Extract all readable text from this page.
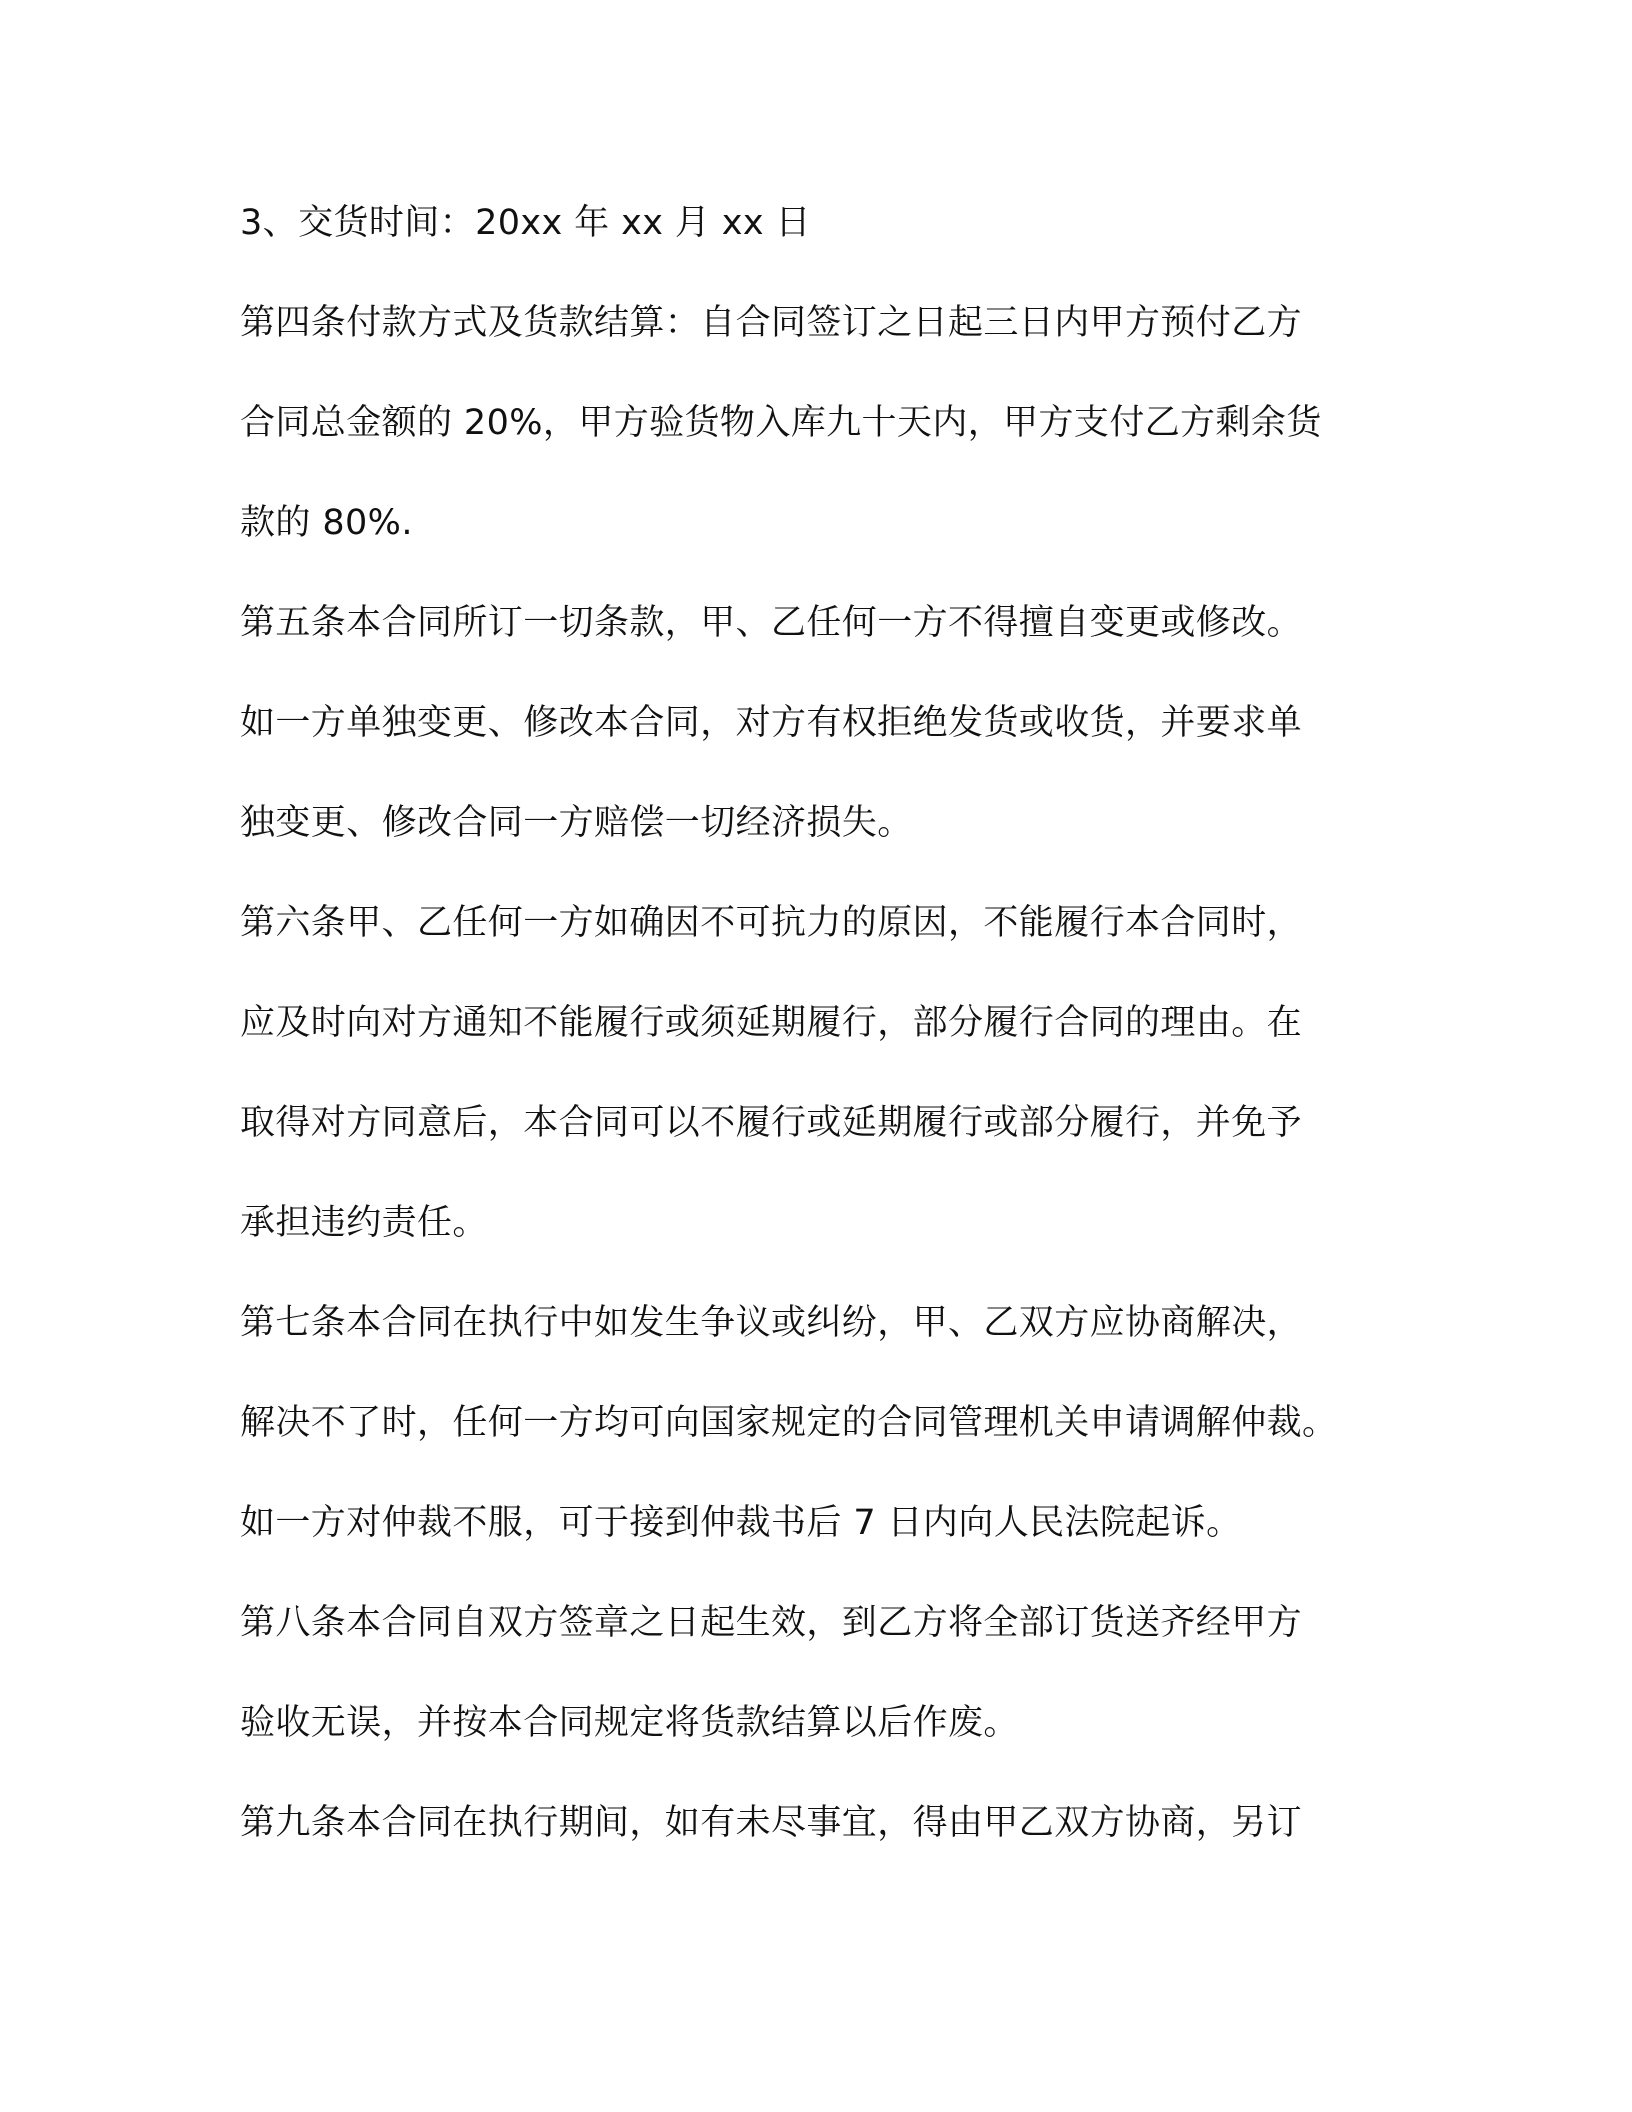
3、交货时间：20xx 年 xx 月 xx 日
第四条付款方式及货款结算：自合同签订之日起三日内甲方预付乙方
合同总金额的 20%，甲方验货物入库九十天内，甲方支付乙方剩余货
款的 80%.
第五条本合同所订一切条款，甲、乙任何一方不得擅自变更或修改。
如一方单独变更、修改本合同，对方有权拒绝发货或收货，并要求单
独变更、修改合同一方赔偿一切经济损失。
第六条甲、乙任何一方如确因不可抗力的原因，不能履行本合同时，
应及时向对方通知不能履行或须延期履行，部分履行合同的理由。在
取得对方同意后，本合同可以不履行或延期履行或部分履行，并免予
承担违约责任。
第七条本合同在执行中如发生争议或纠纷，甲、乙双方应协商解决，
解决不了时，任何一方均可向国家规定的合同管理机关申请调解仲裁。
如一方对仲裁不服，可于接到仲裁书后 7 日内向人民法院起诉。
第八条本合同自双方签章之日起生效，到乙方将全部订货送齐经甲方
验收无误，并按本合同规定将货款结算以后作废。
第九条本合同在执行期间，如有未尽事宜，得由甲乙双方协商，另订
